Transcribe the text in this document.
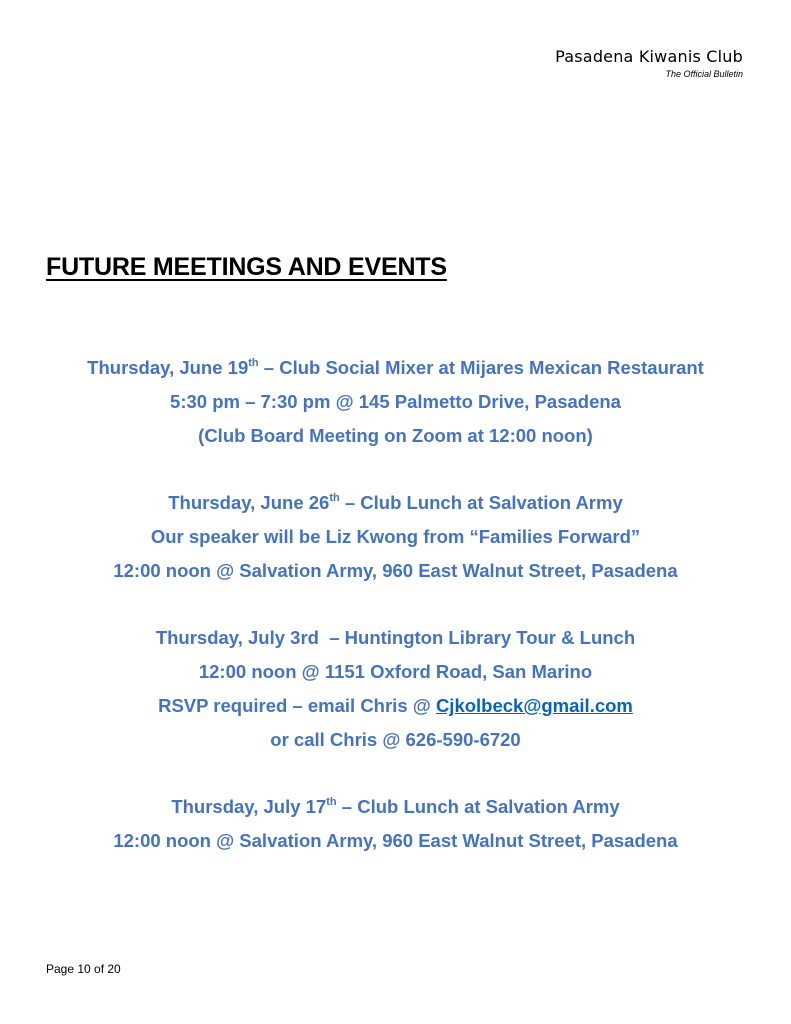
Pasadena Kiwanis Club
The Official Bulletin
FUTURE MEETINGS AND EVENTS
Thursday, June 19th – Club Social Mixer at Mijares Mexican Restaurant
5:30 pm – 7:30 pm @ 145 Palmetto Drive, Pasadena
(Club Board Meeting on Zoom at 12:00 noon)
Thursday, June 26th – Club Lunch at Salvation Army
Our speaker will be Liz Kwong from “Families Forward”
12:00 noon @ Salvation Army, 960 East Walnut Street, Pasadena
Thursday, July 3rd  – Huntington Library Tour & Lunch
12:00 noon @ 1151 Oxford Road, San Marino
RSVP required – email Chris @ Cjkolbeck@gmail.com
or call Chris @ 626-590-6720
Thursday, July 17th – Club Lunch at Salvation Army
12:00 noon @ Salvation Army, 960 East Walnut Street, Pasadena
Page 10 of 20
